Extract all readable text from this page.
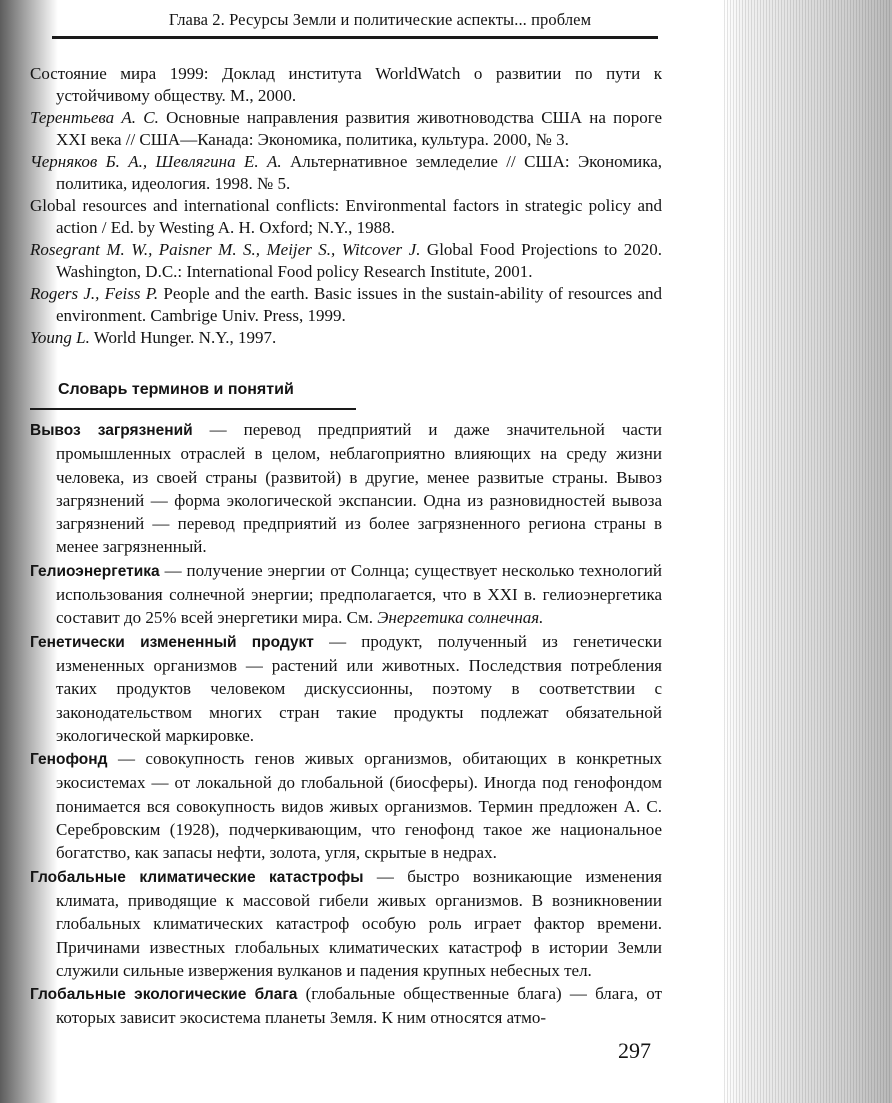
Глава 2. Ресурсы Земли и политические аспекты... проблем

Состояние мира 1999: Доклад института WorldWatch о развитии по пути к устойчивому обществу. М., 2000.

Терентьева А. С. Основные направления развития животноводства США на пороге XXI века // США—Канада: Экономика, политика, культура. 2000, № 3.

Черняков Б. А., Шевлягина Е. А. Альтернативное земледелие // США: Экономика, политика, идеология. 1998. № 5.

Global resources and international conflicts: Environmental factors in strategic policy and action / Ed. by Westing A. H. Oxford; N.Y., 1988.

Rosegrant M. W., Paisner M. S., Meijer S., Witcover J. Global Food Projections to 2020. Washington, D.C.: International Food policy Research Institute, 2001.

Rogers J., Feiss P. People and the earth. Basic issues in the sustain-ability of resources and environment. Cambrige Univ. Press, 1999.

Young L. World Hunger. N.Y., 1997.

Словарь терминов и понятий

Вывоз загрязнений — перевод предприятий и даже значительной части промышленных отраслей в целом, неблагоприятно влияющих на среду жизни человека, из своей страны (развитой) в другие, менее развитые страны. Вывоз загрязнений — форма экологической экспансии. Одна из разновидностей вывоза загрязнений — перевод предприятий из более загрязненного региона страны в менее загрязненный.

Гелиоэнергетика — получение энергии от Солнца; существует несколько технологий использования солнечной энергии; предполагается, что в XXI в. гелиоэнергетика составит до 25% всей энергетики мира. См. Энергетика солнечная.

Генетически измененный продукт — продукт, полученный из генетически измененных организмов — растений или животных. Последствия потребления таких продуктов человеком дискуссионны, поэтому в соответствии с законодательством многих стран такие продукты подлежат обязательной экологической маркировке.

Генофонд — совокупность генов живых организмов, обитающих в конкретных экосистемах — от локальной до глобальной (биосферы). Иногда под генофондом понимается вся совокупность видов живых организмов. Термин предложен А. С. Серебровским (1928), подчеркивающим, что генофонд такое же национальное богатство, как запасы нефти, золота, угля, скрытые в недрах.

Глобальные климатические катастрофы — быстро возникающие изменения климата, приводящие к массовой гибели живых организмов. В возникновении глобальных климатических катастроф особую роль играет фактор времени. Причинами известных глобальных климатических катастроф в истории Земли служили сильные извержения вулканов и падения крупных небесных тел.

Глобальные экологические блага (глобальные общественные блага) — блага, от которых зависит экосистема планеты Земля. К ним относятся атмо-

297
